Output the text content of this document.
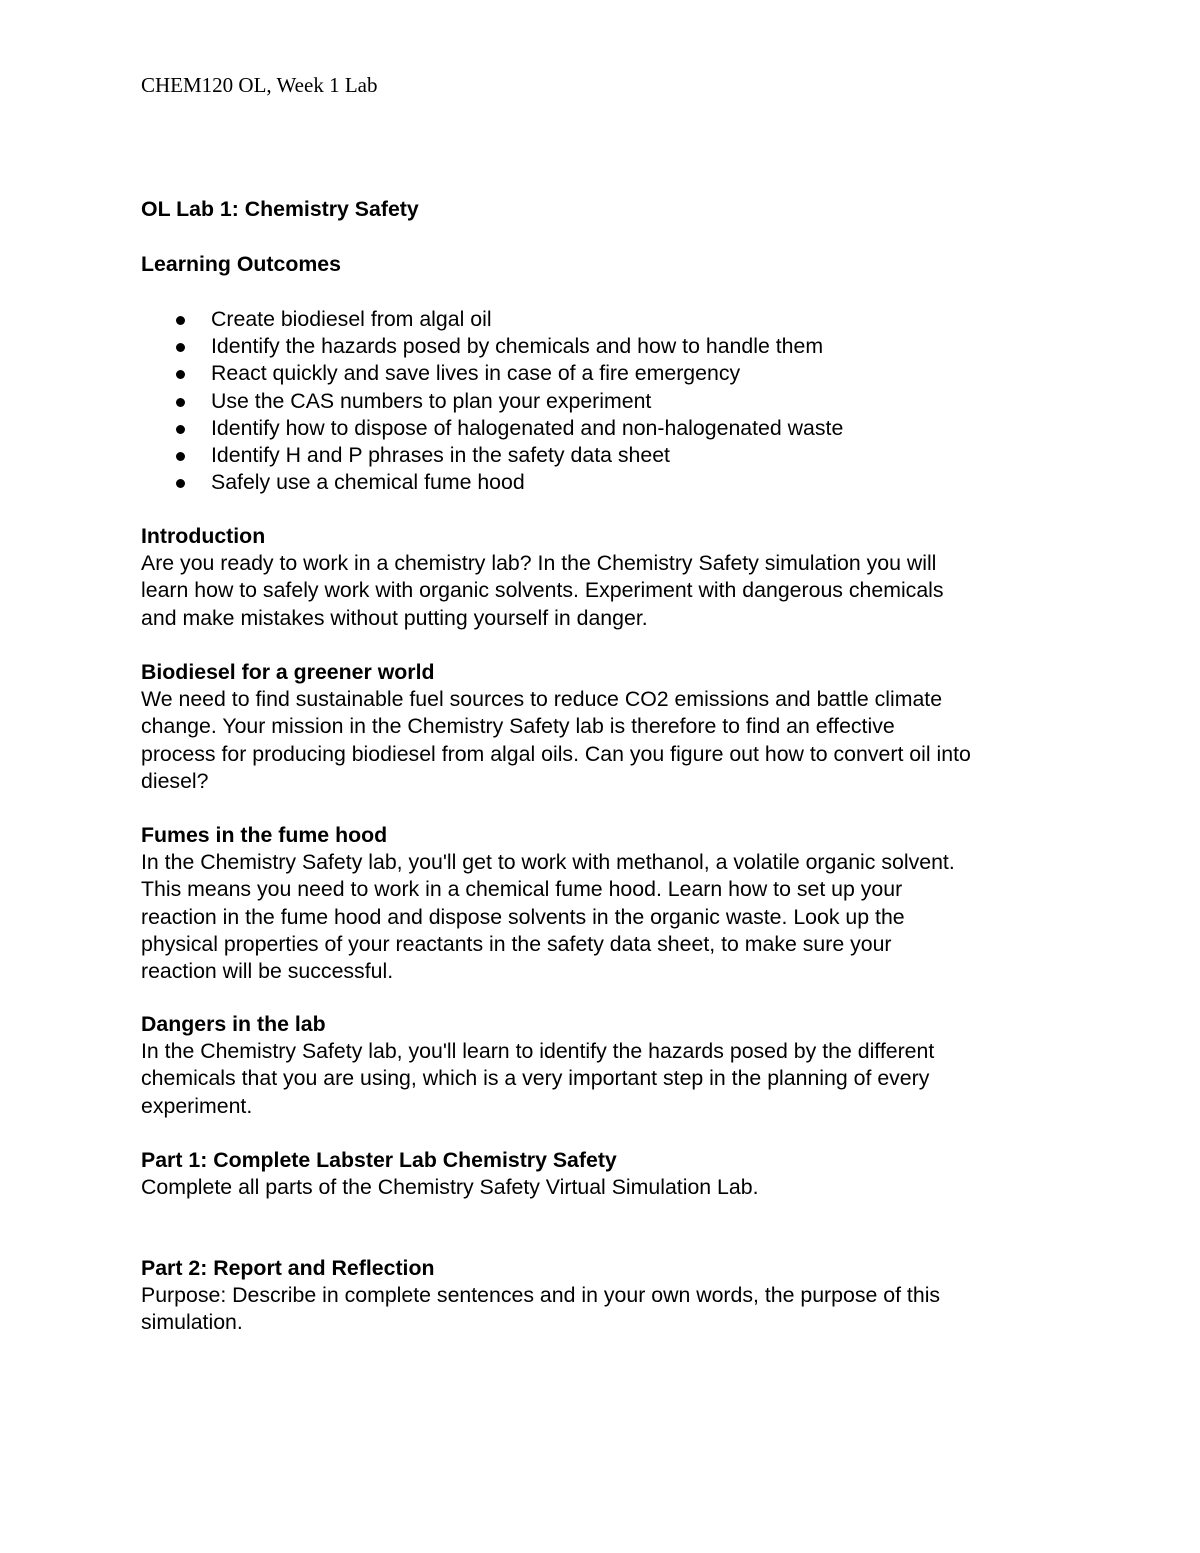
CHEM120 OL, Week 1 Lab
OL Lab 1: Chemistry Safety
Learning Outcomes
Create biodiesel from algal oil
Identify the hazards posed by chemicals and how to handle them
React quickly and save lives in case of a fire emergency
Use the CAS numbers to plan your experiment
Identify how to dispose of halogenated and non-halogenated waste
Identify H and P phrases in the safety data sheet
Safely use a chemical fume hood
Introduction

Are you ready to work in a chemistry lab? In the Chemistry Safety simulation you will
learn how to safely work with organic solvents. Experiment with dangerous chemicals
and make mistakes without putting yourself in danger.

Biodiesel for a greener world

We need to find sustainable fuel sources to reduce CO2 emissions and battle climate
change. Your mission in the Chemistry Safety lab is therefore to find an effective
process for producing biodiesel from algal oils. Can you figure out how to convert oil into
diesel?

Fumes in the fume hood

In the Chemistry Safety lab, you'll get to work with methanol, a volatile organic solvent.
This means you need to work in a chemical fume hood. Learn how to set up your
reaction in the fume hood and dispose solvents in the organic waste. Look up the
physical properties of your reactants in the safety data sheet, to make sure your
reaction will be successful.

Dangers in the lab

In the Chemistry Safety lab, you'll learn to identify the hazards posed by the different
chemicals that you are using, which is a very important step in the planning of every
experiment.

Part 1: Complete Labster Lab Chemistry Safety

Complete all parts of the Chemistry Safety Virtual Simulation Lab.

Part 2: Report and Reflection

Purpose: Describe in complete sentences and in your own words, the purpose of this
simulation.
